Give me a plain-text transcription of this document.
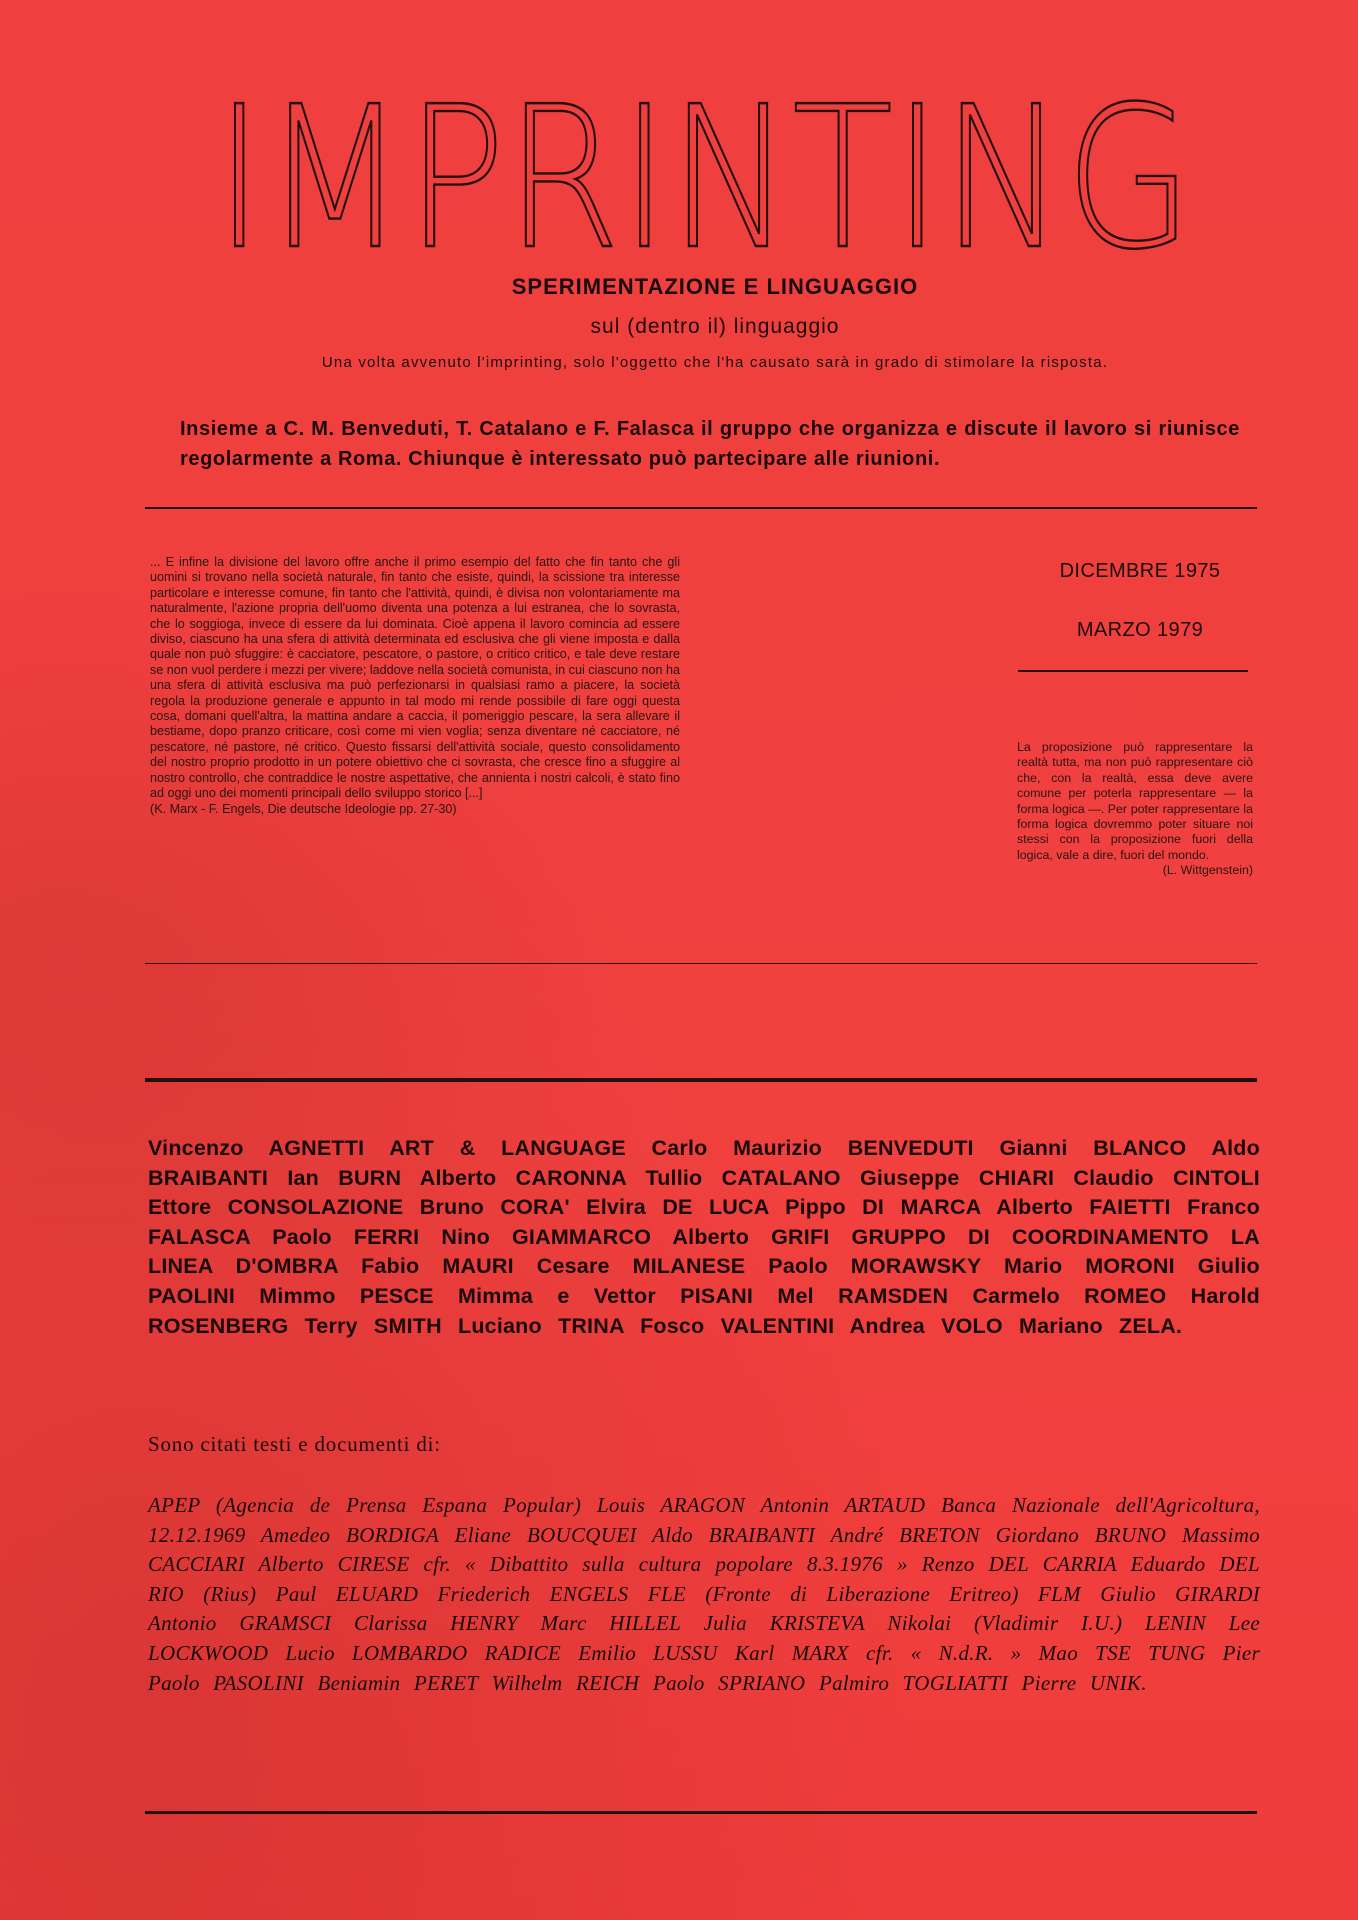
IMPRINTING

SPERIMENTAZIONE E LINGUAGGIO

sul (dentro il) linguaggio

Una volta avvenuto l'imprinting, solo l'oggetto che l'ha causato sarà in grado di stimolare la risposta.

Insieme a C. M. Benveduti, T. Catalano e F. Falasca il gruppo che organizza e discute il lavoro si riunisce regolarmente a Roma. Chiunque è interessato può partecipare alle riunioni.

... E infine la divisione del lavoro offre anche il primo esempio del fatto che fin tanto che gli uomini si trovano nella società naturale, fin tanto che esiste, quindi, la scissione tra interesse particolare e interesse comune, fin tanto che l'attività, quindi, è divisa non volontariamente ma naturalmente, l'azione propria dell'uomo diventa una potenza a lui estranea, che lo sovrasta, che lo soggioga, invece di essere da lui dominata. Cioè appena il lavoro comincia ad essere diviso, ciascuno ha una sfera di attività determinata ed esclusiva che gli viene imposta e dalla quale non può sfuggire: è cacciatore, pescatore, o pastore, o critico critico, e tale deve restare se non vuol perdere i mezzi per vivere; laddove nella società comunista, in cui ciascuno non ha una sfera di attività esclusiva ma può perfezionarsi in qualsiasi ramo a piacere, la società regola la produzione generale e appunto in tal modo mi rende possibile di fare oggi questa cosa, domani quell'altra, la mattina andare a caccia, il pomeriggio pescare, la sera allevare il bestiame, dopo pranzo criticare, così come mi vien voglia; senza diventare né cacciatore, né pescatore, né pastore, né critico. Questo fissarsi dell'attività sociale, questo consolidamento del nostro proprio prodotto in un potere obiettivo che ci sovrasta, che cresce fino a sfuggire al nostro controllo, che contraddice le nostre aspettative, che annienta i nostri calcoli, è stato fino ad oggi uno dei momenti principali dello sviluppo storico [...]
(K. Marx - F. Engels, Die deutsche Ideologie pp. 27-30)

DICEMBRE 1975

MARZO 1979

La proposizione può rappresentare la realtà tutta, ma non può rappresentare ciò che, con la realtà, essa deve avere comune per poterla rappresentare — la forma logica —. Per poter rappresentare la forma logica dovremmo poter situare noi stessi con la proposizione fuori della logica, vale a dire, fuori del mondo.
(L. Wittgenstein)

Vincenzo AGNETTI ART & LANGUAGE Carlo Maurizio BENVEDUTI Gianni BLANCO Aldo BRAIBANTI Ian BURN Alberto CARONNA Tullio CATALANO Giuseppe CHIARI Claudio CINTOLI Ettore CONSOLAZIONE Bruno CORA' Elvira DE LUCA Pippo DI MARCA Alberto FAIETTI Franco FALASCA Paolo FERRI Nino GIAMMARCO Alberto GRIFI GRUPPO DI COORDINAMENTO LA LINEA D'OMBRA Fabio MAURI Cesare MILANESE Paolo MORAWSKY Mario MORONI Giulio PAOLINI Mimmo PESCE Mimma e Vettor PISANI Mel RAMSDEN Carmelo ROMEO Harold ROSENBERG Terry SMITH Luciano TRINA Fosco VALENTINI Andrea VOLO Mariano ZELA.

Sono citati testi e documenti di:

APEP (Agencia de Prensa Espana Popular) Louis ARAGON Antonin ARTAUD Banca Nazionale dell'Agricoltura, 12.12.1969 Amedeo BORDIGA Eliane BOUCQUEI Aldo BRAIBANTI André BRETON Giordano BRUNO Massimo CACCIARI Alberto CIRESE cfr. « Dibattito sulla cultura popolare 8.3.1976 » Renzo DEL CARRIA Eduardo DEL RIO (Rius) Paul ELUARD Friederich ENGELS FLE (Fronte di Liberazione Eritreo) FLM Giulio GIRARDI Antonio GRAMSCI Clarissa HENRY Marc HILLEL Julia KRISTEVA Nikolai (Vladimir I.U.) LENIN Lee LOCKWOOD Lucio LOMBARDO RADICE Emilio LUSSU Karl MARX cfr. « N.d.R. » Mao TSE TUNG Pier Paolo PASOLINI Beniamin PERET Wilhelm REICH Paolo SPRIANO Palmiro TOGLIATTI Pierre UNIK.
